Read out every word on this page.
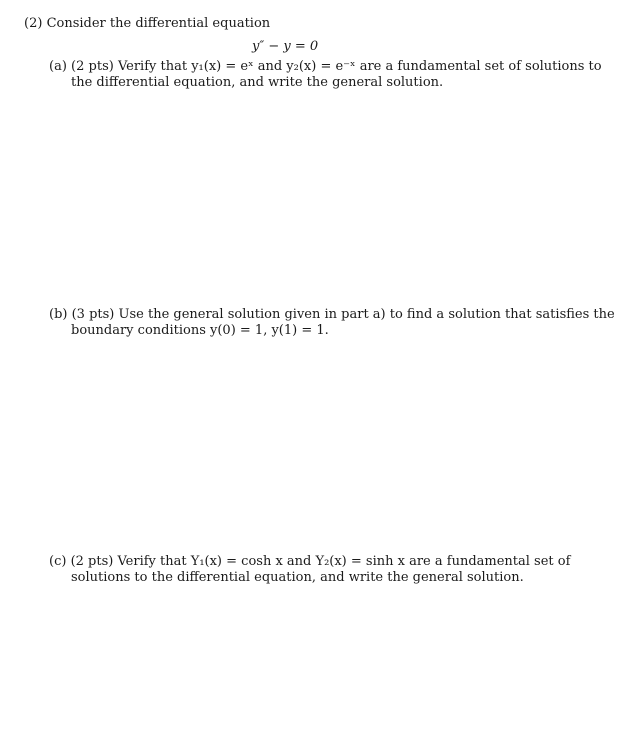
(2) Consider the differential equation
y″ − y = 0
(a) (2 pts) Verify that y₁(x) = eˣ and y₂(x) = e⁻ˣ are a fundamental set of solutions to
the differential equation, and write the general solution.
(b) (3 pts) Use the general solution given in part a) to find a solution that satisfies the
boundary conditions y(0) = 1, y(1) = 1.
(c) (2 pts) Verify that Y₁(x) = cosh x and Y₂(x) = sinh x are a fundamental set of
solutions to the differential equation, and write the general solution.
